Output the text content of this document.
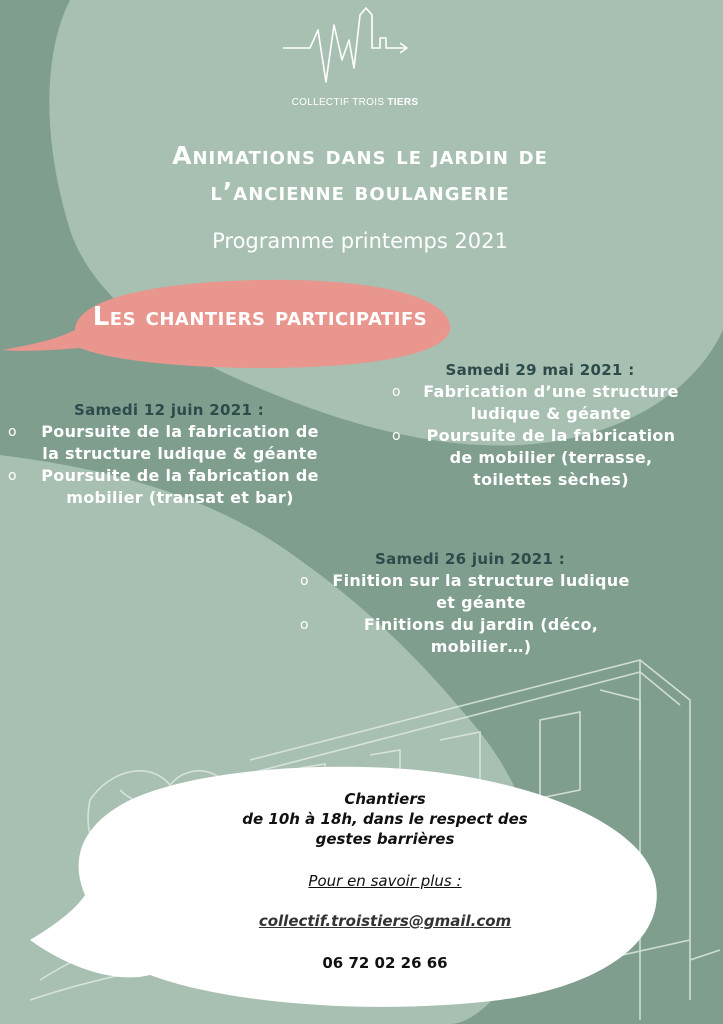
COLLECTIF TROIS TIERS
Animations dans le jardin de
l’ancienne boulangerie
Programme printemps 2021
Les chantiers participatifs
Samedi 12 juin 2021 :
o Poursuite de la fabrication de la structure ludique & géante
o Poursuite de la fabrication de mobilier (transat et bar)
Samedi 29 mai 2021 :
o Fabrication d’une structure ludique & géante
o Poursuite de la fabrication de mobilier (terrasse, toilettes sèches)
Samedi 26 juin 2021 :
o Finition sur la structure ludique et géante
o	Finitions du jardin (déco, mobilier…)
Chantiers
de 10h à 18h, dans le respect des
gestes barrières
Pour en savoir plus :
collectif.troistiers@gmail.com
06 72 02 26 66
